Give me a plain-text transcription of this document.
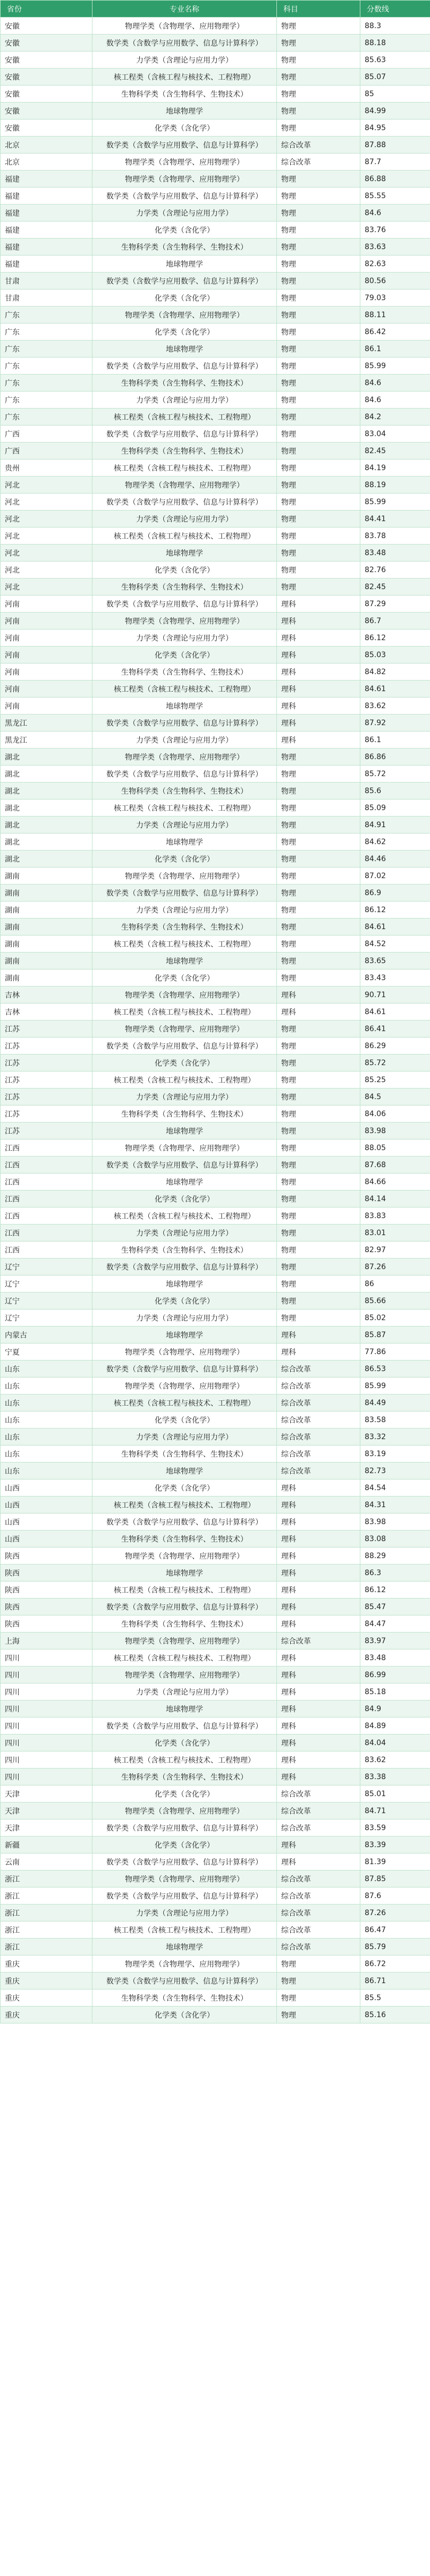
省份	专业名称	科目	分数线
安徽	物理学类（含物理学、应用物理学）	物理	88.3
安徽	数学类（含数学与应用数学、信息与计算科学）	物理	88.18
安徽	力学类（含理论与应用力学）	物理	85.63
安徽	核工程类（含核工程与核技术、工程物理）	物理	85.07
安徽	生物科学类（含生物科学、生物技术）	物理	85
安徽	地球物理学	物理	84.99
安徽	化学类（含化学）	物理	84.95
北京	数学类（含数学与应用数学、信息与计算科学）	综合改革	87.88
北京	物理学类（含物理学、应用物理学）	综合改革	87.7
福建	物理学类（含物理学、应用物理学）	物理	86.88
福建	数学类（含数学与应用数学、信息与计算科学）	物理	85.55
福建	力学类（含理论与应用力学）	物理	84.6
福建	化学类（含化学）	物理	83.76
福建	生物科学类（含生物科学、生物技术）	物理	83.63
福建	地球物理学	物理	82.63
甘肃	数学类（含数学与应用数学、信息与计算科学）	物理	80.56
甘肃	化学类（含化学）	物理	79.03
广东	物理学类（含物理学、应用物理学）	物理	88.11
广东	化学类（含化学）	物理	86.42
广东	地球物理学	物理	86.1
广东	数学类（含数学与应用数学、信息与计算科学）	物理	85.99
广东	生物科学类（含生物科学、生物技术）	物理	84.6
广东	力学类（含理论与应用力学）	物理	84.6
广东	核工程类（含核工程与核技术、工程物理）	物理	84.2
广西	数学类（含数学与应用数学、信息与计算科学）	物理	83.04
广西	生物科学类（含生物科学、生物技术）	物理	82.45
贵州	核工程类（含核工程与核技术、工程物理）	物理	84.19
河北	物理学类（含物理学、应用物理学）	物理	88.19
河北	数学类（含数学与应用数学、信息与计算科学）	物理	85.99
河北	力学类（含理论与应用力学）	物理	84.41
河北	核工程类（含核工程与核技术、工程物理）	物理	83.78
河北	地球物理学	物理	83.48
河北	化学类（含化学）	物理	82.76
河北	生物科学类（含生物科学、生物技术）	物理	82.45
河南	数学类（含数学与应用数学、信息与计算科学）	理科	87.29
河南	物理学类（含物理学、应用物理学）	理科	86.7
河南	力学类（含理论与应用力学）	理科	86.12
河南	化学类（含化学）	理科	85.03
河南	生物科学类（含生物科学、生物技术）	理科	84.82
河南	核工程类（含核工程与核技术、工程物理）	理科	84.61
河南	地球物理学	理科	83.62
黑龙江	数学类（含数学与应用数学、信息与计算科学）	理科	87.92
黑龙江	力学类（含理论与应用力学）	理科	86.1
湖北	物理学类（含物理学、应用物理学）	物理	86.86
湖北	数学类（含数学与应用数学、信息与计算科学）	物理	85.72
湖北	生物科学类（含生物科学、生物技术）	物理	85.6
湖北	核工程类（含核工程与核技术、工程物理）	物理	85.09
湖北	力学类（含理论与应用力学）	物理	84.91
湖北	地球物理学	物理	84.62
湖北	化学类（含化学）	物理	84.46
湖南	物理学类（含物理学、应用物理学）	物理	87.02
湖南	数学类（含数学与应用数学、信息与计算科学）	物理	86.9
湖南	力学类（含理论与应用力学）	物理	86.12
湖南	生物科学类（含生物科学、生物技术）	物理	84.61
湖南	核工程类（含核工程与核技术、工程物理）	物理	84.52
湖南	地球物理学	物理	83.65
湖南	化学类（含化学）	物理	83.43
吉林	物理学类（含物理学、应用物理学）	理科	90.71
吉林	核工程类（含核工程与核技术、工程物理）	理科	84.61
江苏	物理学类（含物理学、应用物理学）	物理	86.41
江苏	数学类（含数学与应用数学、信息与计算科学）	物理	86.29
江苏	化学类（含化学）	物理	85.72
江苏	核工程类（含核工程与核技术、工程物理）	物理	85.25
江苏	力学类（含理论与应用力学）	物理	84.5
江苏	生物科学类（含生物科学、生物技术）	物理	84.06
江苏	地球物理学	物理	83.98
江西	物理学类（含物理学、应用物理学）	物理	88.05
江西	数学类（含数学与应用数学、信息与计算科学）	物理	87.68
江西	地球物理学	物理	84.66
江西	化学类（含化学）	物理	84.14
江西	核工程类（含核工程与核技术、工程物理）	物理	83.83
江西	力学类（含理论与应用力学）	物理	83.01
江西	生物科学类（含生物科学、生物技术）	物理	82.97
辽宁	数学类（含数学与应用数学、信息与计算科学）	物理	87.26
辽宁	地球物理学	物理	86
辽宁	化学类（含化学）	物理	85.66
辽宁	力学类（含理论与应用力学）	物理	85.02
内蒙古	地球物理学	理科	85.87
宁夏	物理学类（含物理学、应用物理学）	理科	77.86
山东	数学类（含数学与应用数学、信息与计算科学）	综合改革	86.53
山东	物理学类（含物理学、应用物理学）	综合改革	85.99
山东	核工程类（含核工程与核技术、工程物理）	综合改革	84.49
山东	化学类（含化学）	综合改革	83.58
山东	力学类（含理论与应用力学）	综合改革	83.32
山东	生物科学类（含生物科学、生物技术）	综合改革	83.19
山东	地球物理学	综合改革	82.73
山西	化学类（含化学）	理科	84.54
山西	核工程类（含核工程与核技术、工程物理）	理科	84.31
山西	数学类（含数学与应用数学、信息与计算科学）	理科	83.98
山西	生物科学类（含生物科学、生物技术）	理科	83.08
陕西	物理学类（含物理学、应用物理学）	理科	88.29
陕西	地球物理学	理科	86.3
陕西	核工程类（含核工程与核技术、工程物理）	理科	86.12
陕西	数学类（含数学与应用数学、信息与计算科学）	理科	85.47
陕西	生物科学类（含生物科学、生物技术）	理科	84.47
上海	物理学类（含物理学、应用物理学）	综合改革	83.97
四川	核工程类（含核工程与核技术、工程物理）	理科	83.48
四川	物理学类（含物理学、应用物理学）	理科	86.99
四川	力学类（含理论与应用力学）	理科	85.18
四川	地球物理学	理科	84.9
四川	数学类（含数学与应用数学、信息与计算科学）	理科	84.89
四川	化学类（含化学）	理科	84.04
四川	核工程类（含核工程与核技术、工程物理）	理科	83.62
四川	生物科学类（含生物科学、生物技术）	理科	83.38
天津	化学类（含化学）	综合改革	85.01
天津	物理学类（含物理学、应用物理学）	综合改革	84.71
天津	数学类（含数学与应用数学、信息与计算科学）	综合改革	83.59
新疆	化学类（含化学）	理科	83.39
云南	数学类（含数学与应用数学、信息与计算科学）	理科	81.39
浙江	物理学类（含物理学、应用物理学）	综合改革	87.85
浙江	数学类（含数学与应用数学、信息与计算科学）	综合改革	87.6
浙江	力学类（含理论与应用力学）	综合改革	87.26
浙江	核工程类（含核工程与核技术、工程物理）	综合改革	86.47
浙江	地球物理学	综合改革	85.79
重庆	物理学类（含物理学、应用物理学）	物理	86.72
重庆	数学类（含数学与应用数学、信息与计算科学）	物理	86.71
重庆	生物科学类（含生物科学、生物技术）	物理	85.5
重庆	化学类（含化学）	物理	85.16
